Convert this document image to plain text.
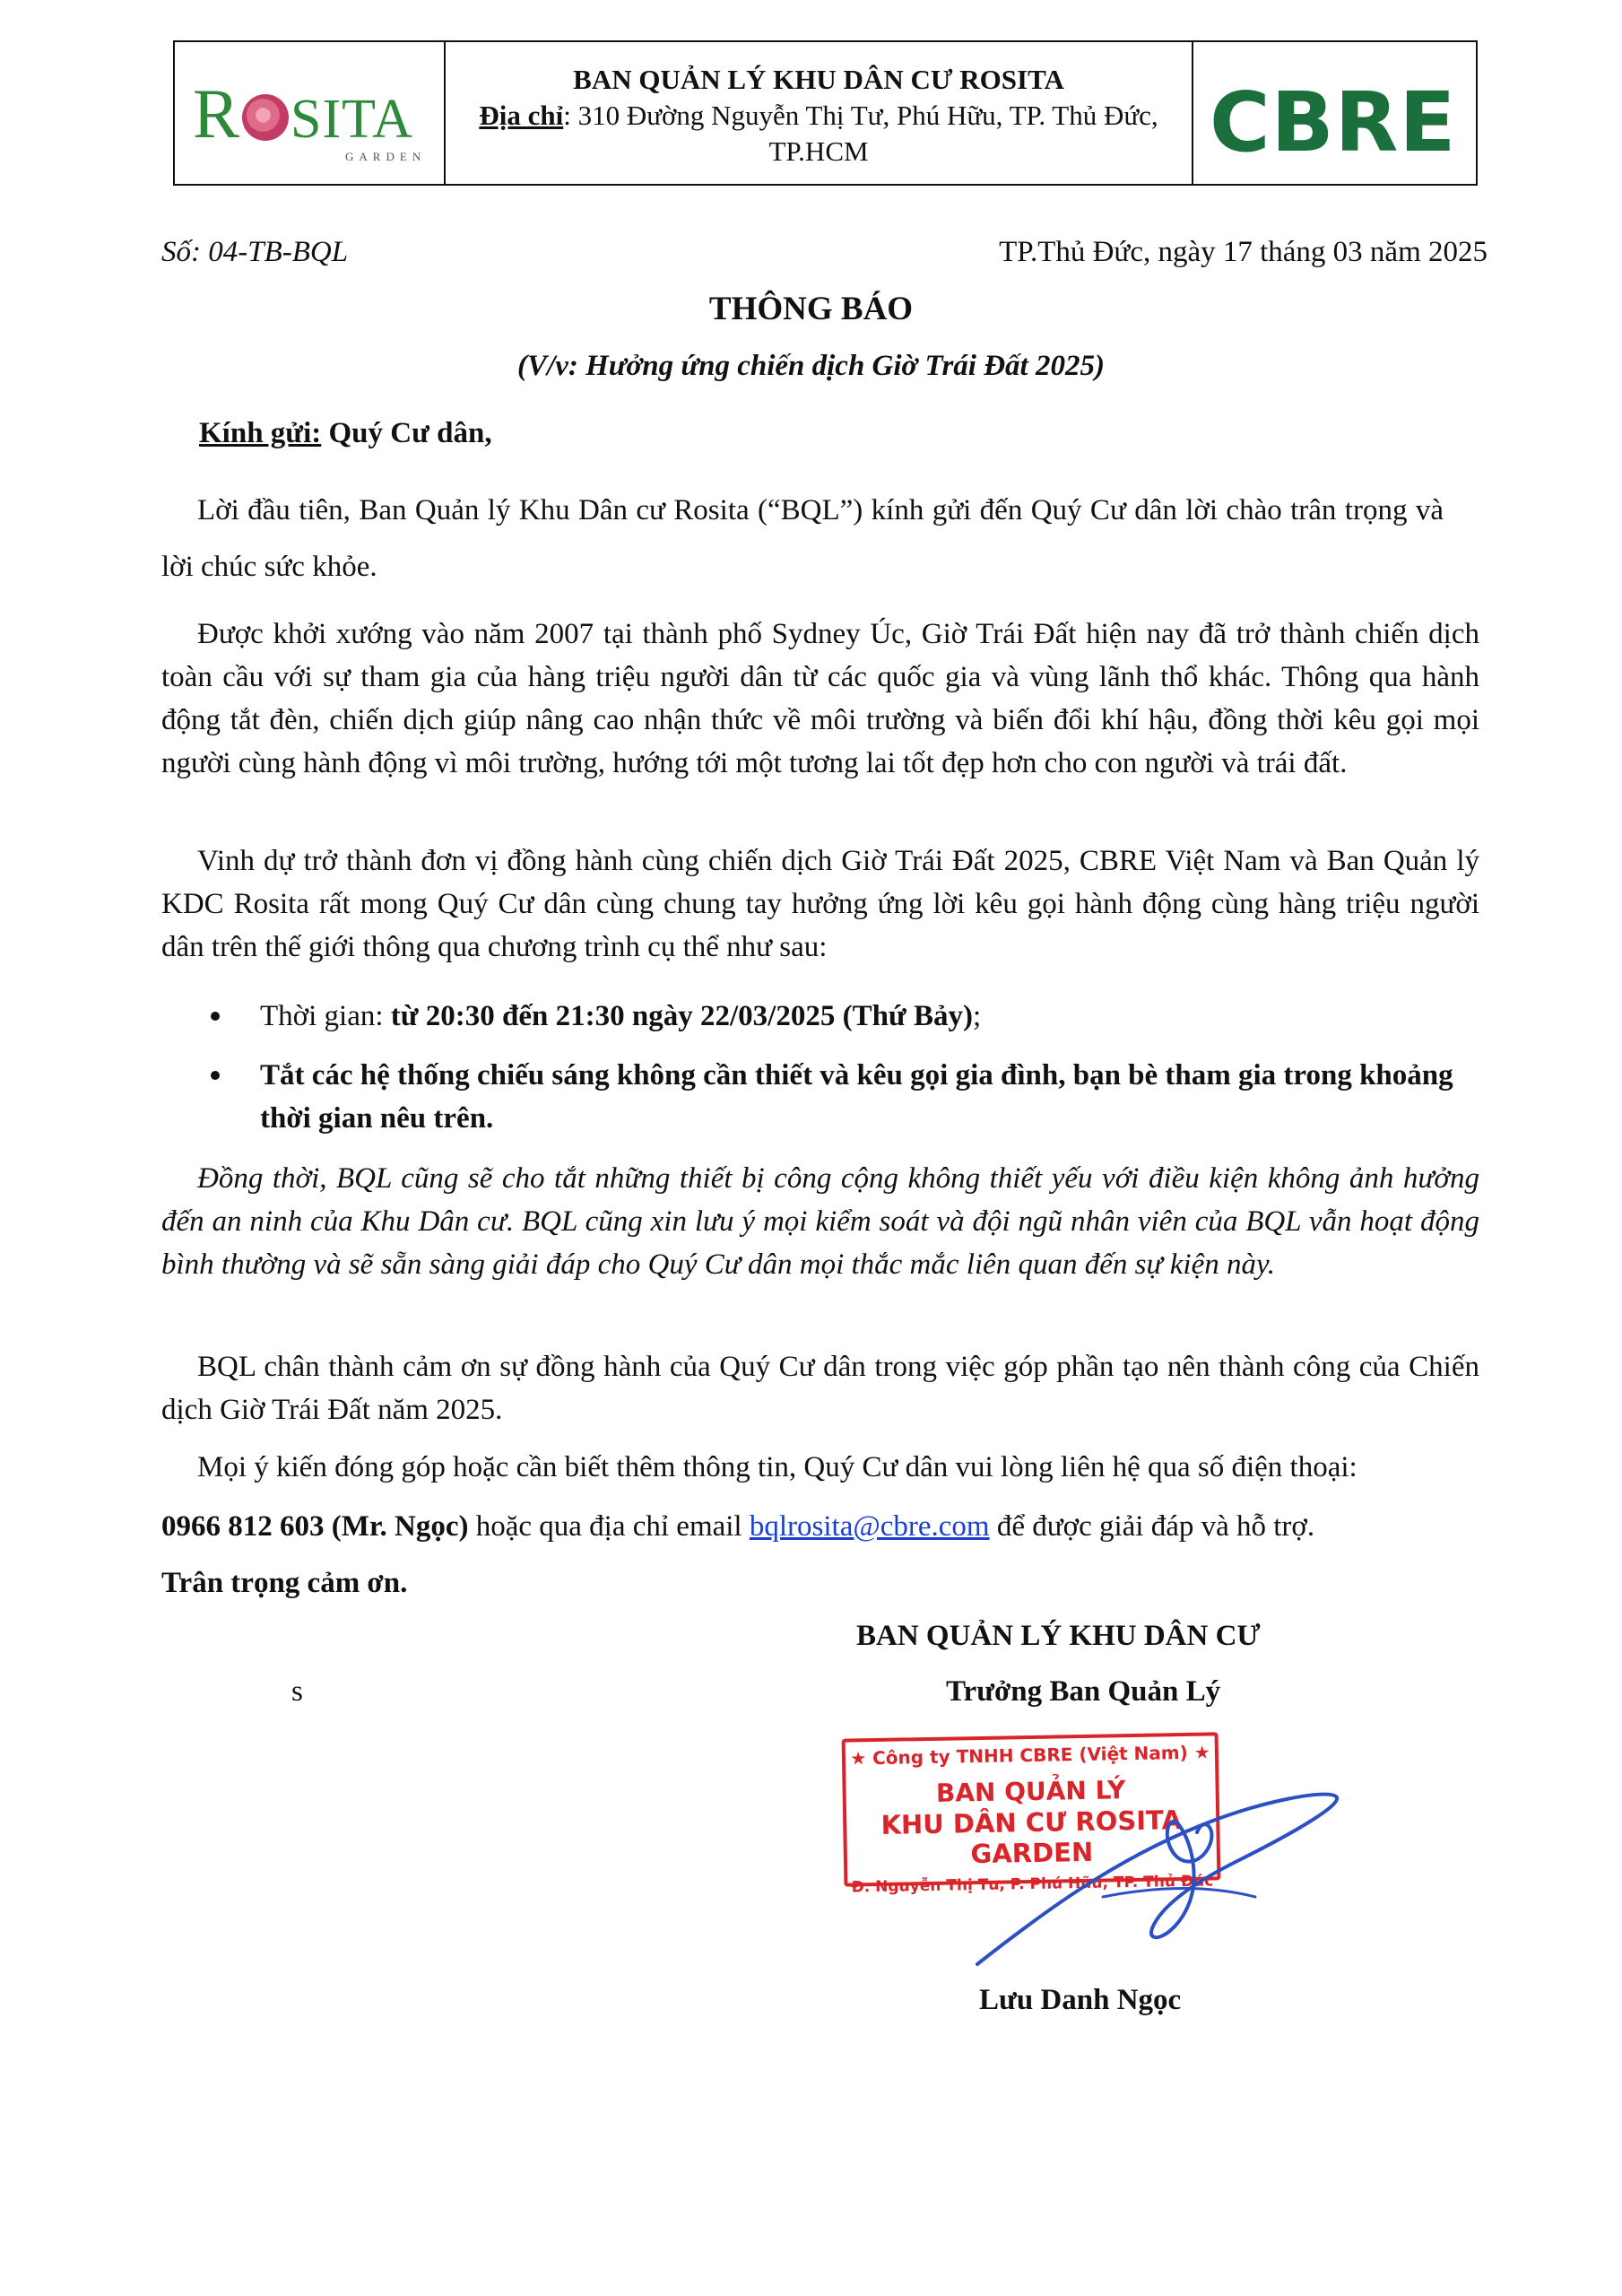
R SITA
GARDEN
BAN QUẢN LÝ KHU DÂN CƯ ROSITA
Địa chỉ: 310 Đường Nguyễn Thị Tư, Phú Hữu, TP. Thủ Đức,
TP.HCM	CBRE
Số: 04-TB-BQL	TP.Thủ Đức, ngày 17 tháng 03 năm 2025
THÔNG BÁO
(V/v: Hưởng ứng chiến dịch Giờ Trái Đất 2025)
Kính gửi: Quý Cư dân,

Lời đầu tiên, Ban Quản lý Khu Dân cư Rosita (“BQL”) kính gửi đến Quý Cư dân lời chào trân trọng và lời chúc sức khỏe.

Được khởi xướng vào năm 2007 tại thành phố Sydney Úc, Giờ Trái Đất hiện nay đã trở thành chiến dịch toàn cầu với sự tham gia của hàng triệu người dân từ các quốc gia và vùng lãnh thổ khác. Thông qua hành động tắt đèn, chiến dịch giúp nâng cao nhận thức về môi trường và biến đổi khí hậu, đồng thời kêu gọi mọi người cùng hành động vì môi trường, hướng tới một tương lai tốt đẹp hơn cho con người và trái đất.

Vinh dự trở thành đơn vị đồng hành cùng chiến dịch Giờ Trái Đất 2025, CBRE Việt Nam và Ban Quản lý KDC Rosita rất mong Quý Cư dân cùng chung tay hưởng ứng lời kêu gọi hành động cùng hàng triệu người dân trên thế giới thông qua chương trình cụ thể như sau:

Thời gian: từ 20:30 đến 21:30 ngày 22/03/2025 (Thứ Bảy);
Tắt các hệ thống chiếu sáng không cần thiết và kêu gọi gia đình, bạn bè tham gia trong khoảng thời gian nêu trên.

Đồng thời, BQL cũng sẽ cho tắt những thiết bị công cộng không thiết yếu với điều kiện không ảnh hưởng đến an ninh của Khu Dân cư. BQL cũng xin lưu ý mọi kiểm soát và đội ngũ nhân viên của BQL vẫn hoạt động bình thường và sẽ sẵn sàng giải đáp cho Quý Cư dân mọi thắc mắc liên quan đến sự kiện này.

BQL chân thành cảm ơn sự đồng hành của Quý Cư dân trong việc góp phần tạo nên thành công của Chiến dịch Giờ Trái Đất năm 2025.

Mọi ý kiến đóng góp hoặc cần biết thêm thông tin, Quý Cư dân vui lòng liên hệ qua số điện thoại:

0966 812 603 (Mr. Ngọc) hoặc qua địa chỉ email bqlrosita@cbre.com để được giải đáp và hỗ trợ.
Trân trọng cảm ơn.
BAN QUẢN LÝ KHU DÂN CƯ
s	Trưởng Ban Quản Lý
★ Công ty TNHH CBRE (Việt Nam) ★
BAN QUẢN LÝ
KHU DÂN CƯ ROSITA GARDEN
Đ. Nguyễn Thị Tư, P. Phú Hữu, TP. Thủ Đức
Lưu Danh Ngọc
